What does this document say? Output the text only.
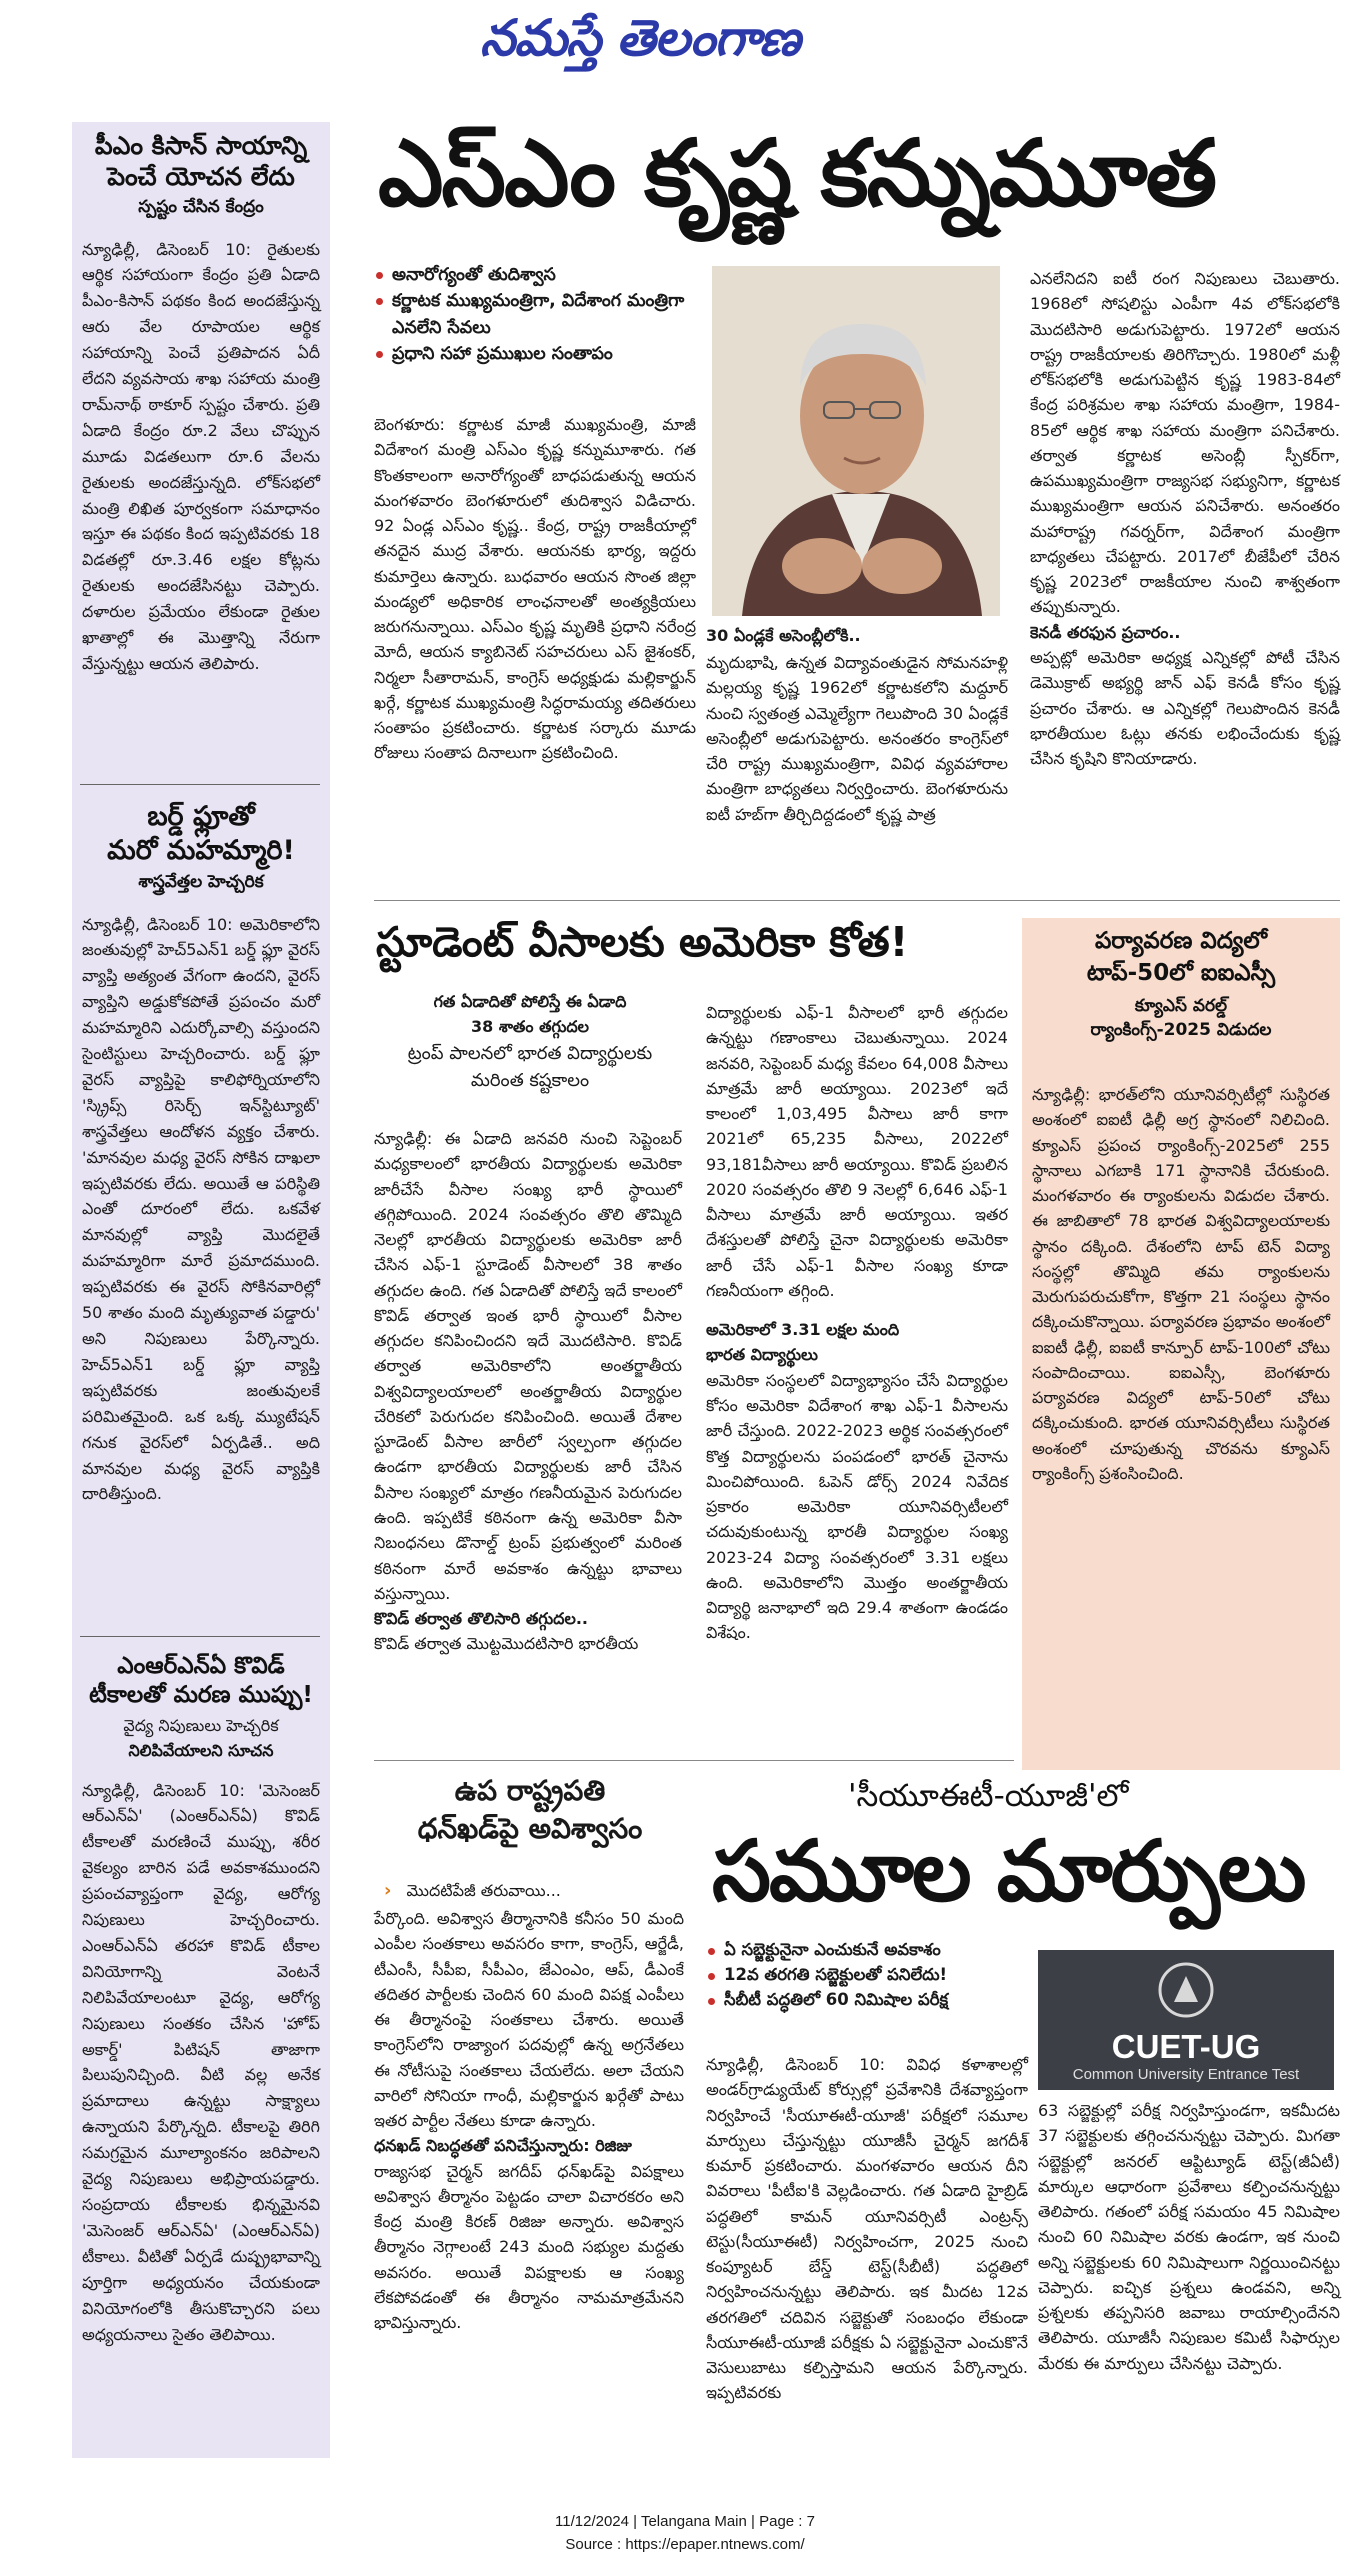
నమస్తే తెలంగాణ
పీఎం కిసాన్ సాయాన్ని
పెంచే యోచన లేదు
స్పష్టం చేసిన కేంద్రం
న్యూఢిల్లీ, డిసెంబర్ 10: రైతులకు ఆర్థిక సహాయంగా కేంద్రం ప్రతి ఏడాది పీఎం-కిసాన్ పథకం కింద అందజేస్తున్న ఆరు వేల రూపాయల ఆర్థిక సహాయాన్ని పెంచే ప్రతిపాదన ఏదీ లేదని వ్యవసాయ శాఖ సహాయ మంత్రి రామ్‌నాథ్ ఠాకూర్ స్పష్టం చేశారు. ప్రతి ఏడాది కేంద్రం రూ.2 వేలు చొప్పున మూడు విడతలుగా రూ.6 వేలను రైతులకు అందజేస్తున్నది. లోక్‌సభలో మంత్రి లిఖిత పూర్వకంగా సమాధానం ఇస్తూ ఈ పథకం కింద ఇప్పటివరకు 18 విడతల్లో రూ.3.46 లక్షల కోట్లను రైతులకు అందజేసినట్టు చెప్పారు. దళారుల ప్రమేయం లేకుండా రైతుల ఖాతాల్లో ఈ మొత్తాన్ని నేరుగా వేస్తున్నట్టు ఆయన తెలిపారు.
బర్డ్ ఫ్లూతో
మరో మహమ్మారి!
శాస్త్రవేత్తల హెచ్చరిక
న్యూఢిల్లీ, డిసెంబర్ 10: అమెరికాలోని జంతువుల్లో హెచ్5ఎన్1 బర్డ్ ఫ్లూ వైరస్ వ్యాప్తి అత్యంత వేగంగా ఉందని, వైరస్ వ్యాప్తిని అడ్డుకోకపోతే ప్రపంచం మరో మహమ్మారిని ఎదుర్కోవాల్సి వస్తుందని సైంటిస్టులు హెచ్చరించారు. బర్డ్ ఫ్లూ వైరస్ వ్యాప్తిపై కాలిఫోర్నియాలోని 'స్క్రిప్స్ రిసెర్చ్ ఇన్‌స్టిట్యూట్' శాస్త్రవేత్తలు ఆందోళన వ్యక్తం చేశారు. 'మానవుల మధ్య వైరస్ సోకిన దాఖలా ఇప్పటివరకు లేదు. అయితే ఆ పరిస్థితి ఎంతో దూరంలో లేదు. ఒకవేళ మానవుల్లో వ్యాప్తి మొదలైతే మహమ్మారిగా మారే ప్రమాదముంది. ఇప్పటివరకు ఈ వైరస్ సోకినవారిల్లో 50 శాతం మంది మృత్యువాత పడ్డారు' అని నిపుణులు పేర్కొన్నారు. హెచ్5ఎన్1 బర్డ్ ఫ్లూ వ్యాప్తి ఇప్పటివరకు జంతువులకే పరిమితమైంది. ఒక ఒక్క మ్యుటేషన్ గనుక వైరస్‌లో ఏర్పడితే.. అది మానవుల మధ్య వైరస్ వ్యాప్తికి దారితీస్తుంది.
ఎంఆర్ఎన్ఏ కొవిడ్
టీకాలతో మరణ ముప్పు!
వైద్య నిపుణులు హెచ్చరిక
నిలిపివేయాలని సూచన
న్యూఢిల్లీ, డిసెంబర్ 10: 'మెసెంజర్ ఆర్ఎన్ఏ' (ఎంఆర్ఎన్ఏ) కొవిడ్ టీకాలతో మరణించే ముప్పు, శరీర వైకల్యం బారిన పడే అవకాశముందని ప్రపంచవ్యాప్తంగా వైద్య, ఆరోగ్య నిపుణులు హెచ్చరించారు. ఎంఆర్ఎన్ఏ తరహా కొవిడ్ టీకాల వినియోగాన్ని వెంటనే నిలిపివేయాలంటూ వైద్య, ఆరోగ్య నిపుణులు సంతకం చేసిన 'హోప్ అకార్డ్' పిటిషన్ తాజాగా పిలుపునిచ్చింది. వీటి వల్ల అనేక ప్రమాదాలు ఉన్నట్టు సాక్ష్యాలు ఉన్నాయని పేర్కొన్నది. టీకాలపై తిరిగి సమగ్రమైన మూల్యాంకనం జరిపాలని వైద్య నిపుణులు అభిప్రాయపడ్డారు. సంప్రదాయ టీకాలకు భిన్నమైనవి 'మెసెంజర్ ఆర్ఎన్ఏ' (ఎంఆర్ఎన్ఏ) టీకాలు. వీటితో ఏర్పడే దుష్ప్రభావాన్ని పూర్తిగా అధ్యయనం చేయకుండా వినియోగంలోకి తీసుకొచ్చారని పలు అధ్యయనాలు సైతం తెలిపాయి.
ఎస్ఎం కృష్ణ కన్నుమూత
అనారోగ్యంతో తుదిశ్వాస
కర్ణాటక ముఖ్యమంత్రిగా, విదేశాంగ మంత్రిగా ఎనలేని సేవలు
ప్రధాని సహా ప్రముఖుల సంతాపం
బెంగళూరు: కర్ణాటక మాజీ ముఖ్యమంత్రి, మాజీ విదేశాంగ మంత్రి ఎస్ఎం కృష్ణ కన్నుమూశారు. గత కొంతకాలంగా అనారోగ్యంతో బాధపడుతున్న ఆయన మంగళవారం బెంగళూరులో తుదిశ్వాస విడిచారు. 92 ఏండ్ల ఎస్ఎం కృష్ణ.. కేంద్ర, రాష్ట్ర రాజకీయాల్లో తనదైన ముద్ర వేశారు. ఆయనకు భార్య, ఇద్దరు కుమార్తెలు ఉన్నారు. బుధవారం ఆయన సొంత జిల్లా మండ్యలో అధికారిక లాంఛనాలతో అంత్యక్రియలు జరుగనున్నాయి. ఎస్ఎం కృష్ణ మృతికి ప్రధాని నరేంద్ర మోదీ, ఆయన క్యాబినెట్ సహచరులు ఎస్ జైశంకర్, నిర్మలా సీతారామన్, కాంగ్రెస్ అధ్యక్షుడు మల్లికార్జున్ ఖర్గే, కర్ణాటక ముఖ్యమంత్రి సిద్ధరామయ్య తదితరులు సంతాపం ప్రకటించారు. కర్ణాటక సర్కారు మూడు రోజులు సంతాప దినాలుగా ప్రకటించింది.
30 ఏండ్లకే అసెంబ్లీలోకి..
మృదుభాషి, ఉన్నత విద్యావంతుడైన సోమనహళ్లి మల్లయ్య కృష్ణ 1962లో కర్ణాటకలోని మద్దూర్ నుంచి స్వతంత్ర ఎమ్మెల్యేగా గెలుపొంది 30 ఏండ్లకే అసెంబ్లీలో అడుగుపెట్టారు. అనంతరం కాంగ్రెస్‌లో చేరి రాష్ట్ర ముఖ్యమంత్రిగా, వివిధ వ్యవహారాల మంత్రిగా బాధ్యతలు నిర్వర్తించారు. బెంగళూరును ఐటీ హబ్‌గా తీర్చిదిద్దడంలో కృష్ణ పాత్ర
ఎనలేనిదని ఐటీ రంగ నిపుణులు చెబుతారు. 1968లో సోషలిస్టు ఎంపీగా 4వ లోక్‌సభలోకి మొదటిసారి అడుగుపెట్టారు. 1972లో ఆయన రాష్ట్ర రాజకీయాలకు తిరిగొచ్చారు. 1980లో మళ్లీ లోక్‌సభలోకి అడుగుపెట్టిన కృష్ణ 1983-84లో కేంద్ర పరిశ్రమల శాఖ సహాయ మంత్రిగా, 1984-85లో ఆర్థిక శాఖ సహాయ మంత్రిగా పనిచేశారు. తర్వాత కర్ణాటక అసెంబ్లీ స్పీకర్‌గా, ఉపముఖ్యమంత్రిగా రాజ్యసభ సభ్యునిగా, కర్ణాటక ముఖ్యమంత్రిగా ఆయన పనిచేశారు. అనంతరం మహారాష్ట్ర గవర్నర్‌గా, విదేశాంగ మంత్రిగా బాధ్యతలు చేపట్టారు. 2017లో బీజేపీలో చేరిన కృష్ణ 2023లో రాజకీయాల నుంచి శాశ్వతంగా తప్పుకున్నారు.
కెనడీ తరఫున ప్రచారం..
అప్పట్లో అమెరికా అధ్యక్ష ఎన్నికల్లో పోటీ చేసిన డెమొక్రాట్ అభ్యర్థి జాన్ ఎఫ్ కెనడీ కోసం కృష్ణ ప్రచారం చేశారు. ఆ ఎన్నికల్లో గెలుపొందిన కెనడీ భారతీయుల ఓట్లు తనకు లభించేందుకు కృష్ణ చేసిన కృషిని కొనియాడారు.
స్టూడెంట్ వీసాలకు అమెరికా కోత!
గత ఏడాదితో పోలిస్తే ఈ ఏడాది
38 శాతం తగ్గుదల
ట్రంప్ పాలనలో భారత విద్యార్థులకు
మరింత కష్టకాలం
న్యూఢిల్లీ: ఈ ఏడాది జనవరి నుంచి సెప్టెంబర్ మధ్యకాలంలో భారతీయ విద్యార్థులకు అమెరికా జారీచేసే వీసాల సంఖ్య భారీ స్థాయిలో తగ్గిపోయింది. 2024 సంవత్సరం తొలి తొమ్మిది నెలల్లో భారతీయ విద్యార్థులకు అమెరికా జారీ చేసిన ఎఫ్-1 స్టూడెంట్ వీసాలలో 38 శాతం తగ్గుదల ఉంది. గత ఏడాదితో పోలిస్తే ఇదే కాలంలో కొవిడ్ తర్వాత ఇంత భారీ స్థాయిలో వీసాల తగ్గుదల కనిపించిందని ఇదే మొదటిసారి. కొవిడ్ తర్వాత అమెరికాలోని అంతర్జాతీయ విశ్వవిద్యాలయాలలో అంతర్జాతీయ విద్యార్థుల చేరికలో పెరుగుదల కనిపించింది. అయితే దేశాల స్టూడెంట్ వీసాల జారీలో స్వల్పంగా తగ్గుదల ఉండగా భారతీయ విద్యార్థులకు జారీ చేసిన వీసాల సంఖ్యలో మాత్రం గణనీయమైన పెరుగుదల ఉంది. ఇప్పటికే కఠినంగా ఉన్న అమెరికా వీసా నిబంధనలు డొనాల్డ్ ట్రంప్ ప్రభుత్వంలో మరింత కఠినంగా మారే అవకాశం ఉన్నట్టు భావాలు వస్తున్నాయి.
కొవిడ్ తర్వాత తొలిసారి తగ్గుదల..
కొవిడ్ తర్వాత మొట్టమొదటిసారి భారతీయ
విద్యార్థులకు ఎఫ్-1 వీసాలలో భారీ తగ్గుదల ఉన్నట్టు గణాంకాలు చెబుతున్నాయి. 2024 జనవరి, సెప్టెంబర్ మధ్య కేవలం 64,008 వీసాలు మాత్రమే జారీ అయ్యాయి. 2023లో ఇదే కాలంలో 1,03,495 వీసాలు జారీ కాగా 2021లో 65,235 వీసాలు, 2022లో 93,181వీసాలు జారీ అయ్యాయి. కొవిడ్ ప్రబలిన 2020 సంవత్సరం తొలి 9 నెలల్లో 6,646 ఎఫ్-1 వీసాలు మాత్రమే జారీ అయ్యాయి. ఇతర దేశస్తులతో పోలిస్తే చైనా విద్యార్థులకు అమెరికా జారీ చేసే ఎఫ్-1 వీసాల సంఖ్య కూడా గణనీయంగా తగ్గింది.
అమెరికాలో 3.31 లక్షల మంది
భారత విద్యార్థులు
అమెరికా సంస్థలలో విద్యాభ్యాసం చేసే విద్యార్థుల కోసం అమెరికా విదేశాంగ శాఖ ఎఫ్-1 వీసాలను జారీ చేస్తుంది. 2022-2023 అర్థిక సంవత్సరంలో కొత్త విద్యార్థులను పంపడంలో భారత్ చైనాను మించిపోయింది. ఓపెన్ డోర్స్ 2024 నివేదిక ప్రకారం అమెరికా యూనివర్సిటీలలో చదువుకుంటున్న భారతీ విద్యార్థుల సంఖ్య 2023-24 విద్యా సంవత్సరంలో 3.31 లక్షలు ఉంది. అమెరికాలోని మొత్తం అంతర్జాతీయ విద్యార్థి జనాభాలో ఇది 29.4 శాతంగా ఉండడం విశేషం.
పర్యావరణ విద్యలో
టాప్-50లో ఐఐఎస్సీ
క్యూఎస్ వరల్డ్
ర్యాంకింగ్స్-2025 విడుదల
న్యూఢిల్లీ: భారత్‌లోని యూనివర్సిటీల్లో సుస్థిరత అంశంలో ఐఐటీ ఢిల్లీ అగ్ర స్థానంలో నిలిచింది. క్యూఎస్ ప్రపంచ ర్యాంకింగ్స్-2025లో 255 స్థానాలు ఎగబాకి 171 స్థానానికి చేరుకుంది. మంగళవారం ఈ ర్యాంకులను విడుదల చేశారు. ఈ జాబితాలో 78 భారత విశ్వవిద్యాలయాలకు స్థానం దక్కింది. దేశంలోని టాప్ టెన్ విద్యా సంస్థల్లో తొమ్మిది తమ ర్యాంకులను మెరుగుపరుచుకోగా, కొత్తగా 21 సంస్థలు స్థానం దక్కించుకొన్నాయి. పర్యావరణ ప్రభావం అంశంలో ఐఐటీ ఢిల్లీ, ఐఐటీ కాన్పూర్ టాప్-100లో చోటు సంపాదించాయి. ఐఐఎస్సీ, బెంగళూరు పర్యావరణ విద్యలో టాప్-50లో చోటు దక్కించుకుంది. భారత యూనివర్సిటీలు సుస్థిరత అంశంలో చూపుతున్న చొరవను క్యూఎస్ ర్యాంకింగ్స్ ప్రశంసించింది.
ఉప రాష్ట్రపతి
ధన్‌ఖడ్‌పై అవిశ్వాసం
› మొదటిపేజీ తరువాయి...
పేర్కొంది. అవిశ్వాస తీర్మానానికి కనీసం 50 మంది ఎంపీల సంతకాలు అవసరం కాగా, కాంగ్రెస్, ఆర్జేడీ, టీఎంసీ, సీపీఐ, సీపీఎం, జేఎంఎం, ఆప్, డీఎంకే తదితర పార్టీలకు చెందిన 60 మంది విపక్ష ఎంపీలు ఈ తీర్మానంపై సంతకాలు చేశారు. అయితే కాంగ్రెస్‌లోని రాజ్యాంగ పదవుల్లో ఉన్న అగ్రనేతలు ఈ నోటీసుపై సంతకాలు చేయలేదు. అలా చేయని వారిలో సోనియా గాంధీ, మల్లికార్జున ఖర్గేతో పాటు ఇతర పార్టీల నేతలు కూడా ఉన్నారు.
ధనఖడ్ నిబద్ధతతో పనిచేస్తున్నారు: రిజిజు
రాజ్యసభ చైర్మన్ జగదీప్ ధన్‌ఖడ్‌పై విపక్షాలు అవిశ్వాస తీర్మానం పెట్టడం చాలా విచారకరం అని కేంద్ర మంత్రి కిరణ్ రిజిజు అన్నారు. అవిశ్వాస తీర్మానం నెగ్గాలంటే 243 మంది సభ్యుల మద్దతు అవసరం. అయితే విపక్షాలకు ఆ సంఖ్య లేకపోవడంతో ఈ తీర్మానం నామమాత్రమేనని భావిస్తున్నారు.
'సీయూఈటీ-యూజీ'లో
సమూల మార్పులు
ఏ సబ్జెక్టునైనా ఎంచుకునే అవకాశం
12వ తరగతి సబ్జెక్టులతో పనిలేదు!
సీబీటీ పద్ధతిలో 60 నిమిషాల పరీక్ష
CUET-UG
Common University Entrance Test
న్యూఢిల్లీ, డిసెంబర్ 10: వివిధ కళాశాలల్లో అండర్‌గ్రాడ్యుయేట్ కోర్సుల్లో ప్రవేశానికి దేశవ్యాప్తంగా నిర్వహించే 'సీయూఈటీ-యూజీ' పరీక్షలో సమూల మార్పులు చేస్తున్నట్టు యూజీసీ చైర్మన్ జగదీశ్ కుమార్ ప్రకటించారు. మంగళవారం ఆయన దీని వివరాలు 'పీటీఐ'కి వెల్లడించారు. గత ఏడాది హైబ్రిడ్ పద్ధతిలో కామన్ యూనివర్సిటీ ఎంట్రన్స్ టెస్టు(సీయూఈటీ) నిర్వహించగా, 2025 నుంచి కంప్యూటర్ బేస్డ్ టెస్ట్(సీబీటీ) పద్ధతిలో నిర్వహించనున్నట్టు తెలిపారు. ఇక మీదట 12వ తరగతిలో చదివిన సబ్జెక్టుతో సంబంధం లేకుండా సీయూఈటీ-యూజీ పరీక్షకు ఏ సబ్జెక్టునైనా ఎంచుకొనే వెసులుబాటు కల్పిస్తామని ఆయన పేర్కొన్నారు. ఇప్పటివరకు
63 సబ్జెక్టుల్లో పరీక్ష నిర్వహిస్తుండగా, ఇకమీదట 37 సబ్జెక్టులకు తగ్గించనున్నట్టు చెప్పారు. మిగతా సబ్జెక్టుల్లో జనరల్ ఆప్టిట్యూడ్ టెస్ట్(జీఏటీ) మార్కుల ఆధారంగా ప్రవేశాలు కల్పించనున్నట్టు తెలిపారు. గతంలో పరీక్ష సమయం 45 నిమిషాల నుంచి 60 నిమిషాల వరకు ఉండగా, ఇక నుంచి అన్ని సబ్జెక్టులకు 60 నిమిషాలుగా నిర్ణయించినట్టు చెప్పారు. ఐచ్ఛిక ప్రశ్నలు ఉండవని, అన్ని ప్రశ్నలకు తప్పనిసరి జవాబు రాయాల్సిందేనని తెలిపారు. యూజీసీ నిపుణుల కమిటీ సిఫార్సుల మేరకు ఈ మార్పులు చేసినట్టు చెప్పారు.
11/12/2024 | Telangana Main | Page : 7
Source : https://epaper.ntnews.com/
